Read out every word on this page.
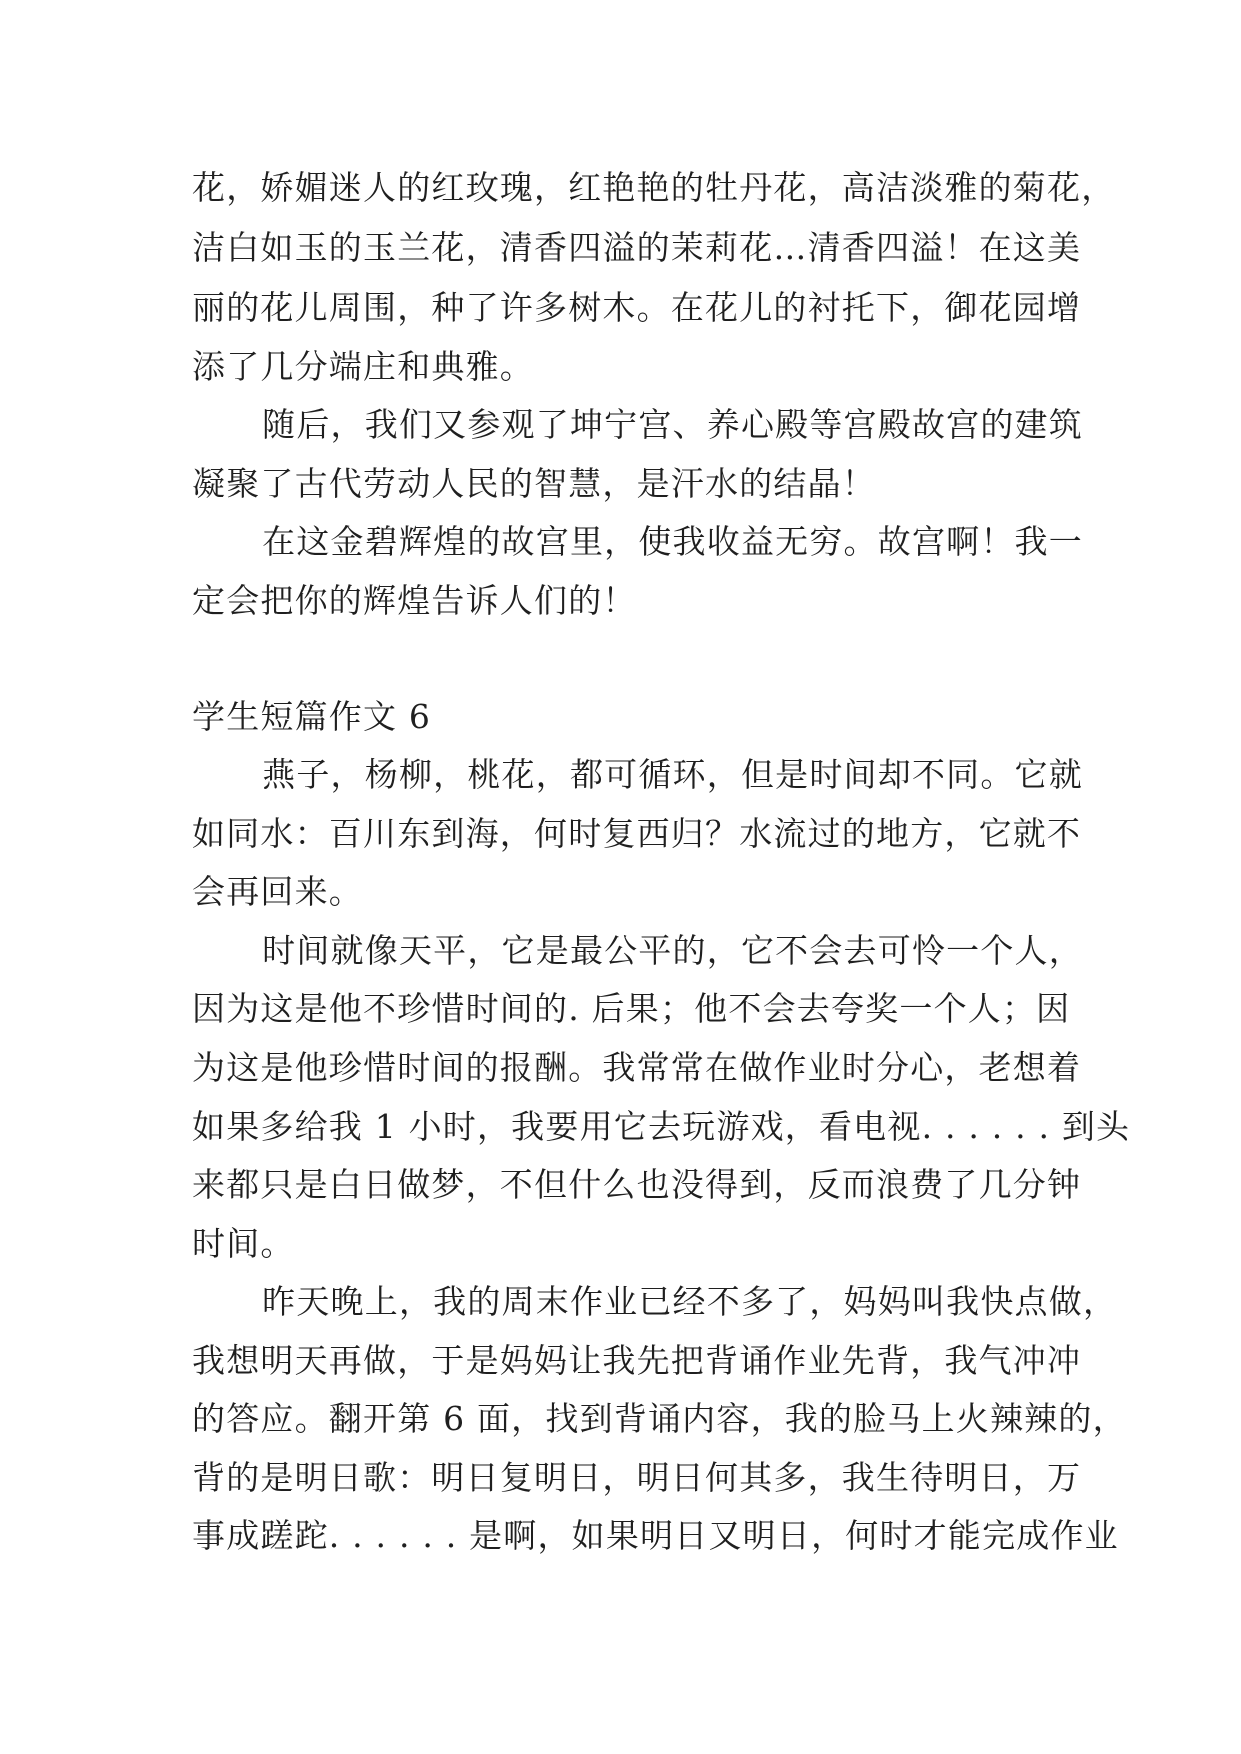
花，娇媚迷人的红玫瑰，红艳艳的牡丹花，高洁淡雅的菊花，
洁白如玉的玉兰花，清香四溢的茉莉花…清香四溢！在这美
丽的花儿周围，种了许多树木。在花儿的衬托下，御花园增
添了几分端庄和典雅。
随后，我们又参观了坤宁宫、养心殿等宫殿故宫的建筑
凝聚了古代劳动人民的智慧，是汗水的结晶！
在这金碧辉煌的故宫里，使我收益无穷。故宫啊！我一
定会把你的辉煌告诉人们的！
学生短篇作文 6
燕子，杨柳，桃花，都可循环，但是时间却不同。它就
如同水：百川东到海，何时复西归？水流过的地方，它就不
会再回来。
时间就像天平，它是最公平的，它不会去可怜一个人，
因为这是他不珍惜时间的. 后果；他不会去夸奖一个人；因
为这是他珍惜时间的报酬。我常常在做作业时分心，老想着
如果多给我 1 小时，我要用它去玩游戏，看电视. . . . . . 到头
来都只是白日做梦，不但什么也没得到，反而浪费了几分钟
时间。
昨天晚上，我的周末作业已经不多了，妈妈叫我快点做，
我想明天再做，于是妈妈让我先把背诵作业先背，我气冲冲
的答应。翻开第 6 面，找到背诵内容，我的脸马上火辣辣的，
背的是明日歌：明日复明日，明日何其多，我生待明日，万
事成蹉跎. . . . . . 是啊，如果明日又明日，何时才能完成作业
